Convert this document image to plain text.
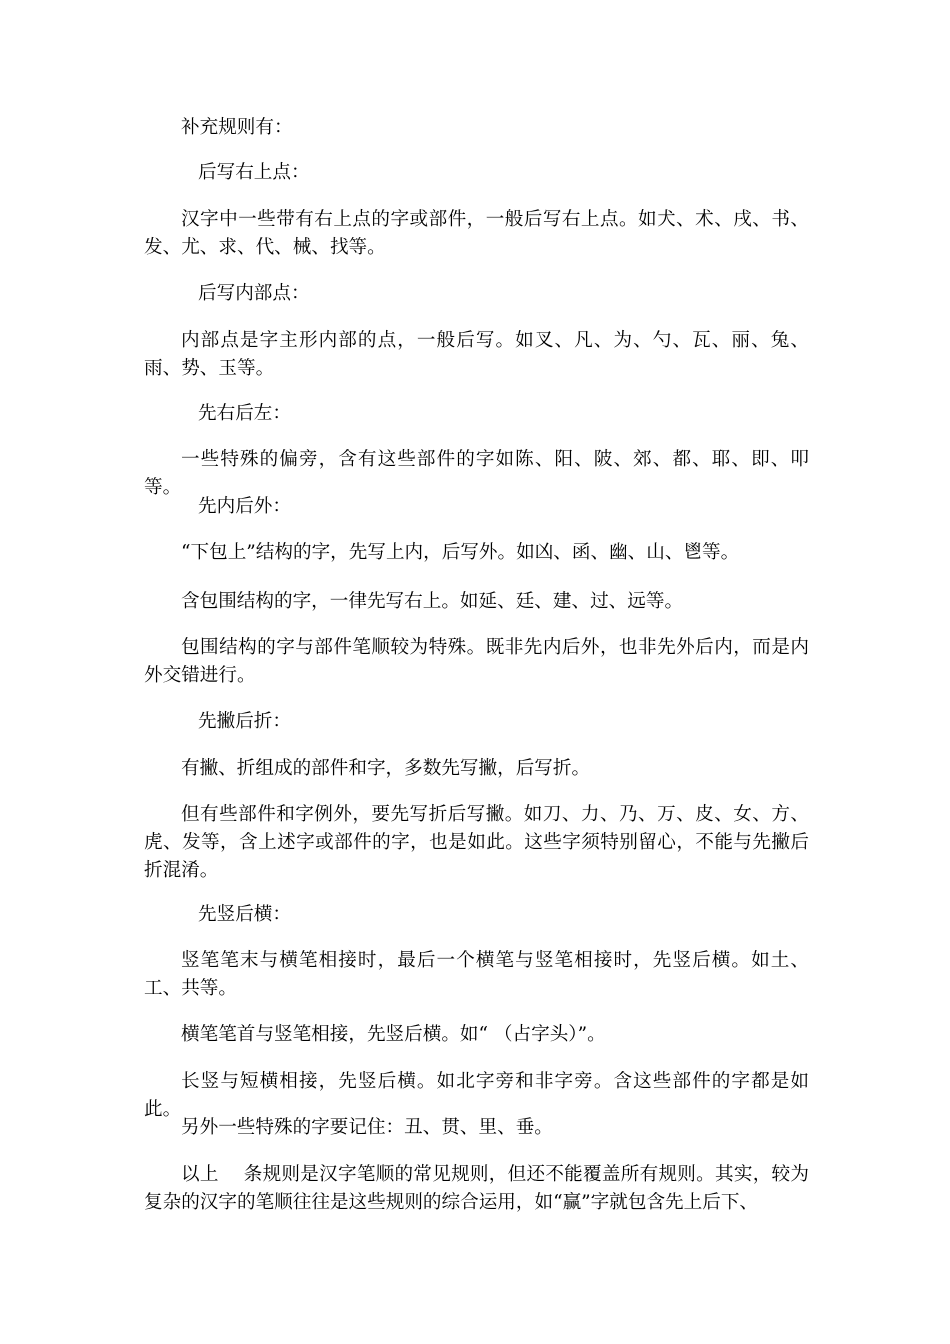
补充规则有：

后写右上点：

汉字中一些带有右上点的字或部件，一般后写右上点。如犬、术、戌、书、发、尤、求、代、械、找等。

后写内部点：

内部点是字主形内部的点，一般后写。如叉、凡、为、勺、瓦、丽、兔、雨、势、玉等。

先右后左：

一些特殊的偏旁，含有这些部件的字如陈、阳、陂、郊、都、耶、即、叩等。

先内后外：

“下包上”结构的字，先写上内，后写外。如凶、函、幽、山、鬯等。

含包围结构的字，一律先写右上。如延、廷、建、过、远等。

包围结构的字与部件笔顺较为特殊。既非先内后外，也非先外后内，而是内外交错进行。

先撇后折：

有撇、折组成的部件和字，多数先写撇，后写折。

但有些部件和字例外，要先写折后写撇。如刀、力、乃、万、皮、女、方、虎、发等，含上述字或部件的字，也是如此。这些字须特别留心，不能与先撇后折混淆。

先竖后横：

竖笔笔末与横笔相接时，最后一个横笔与竖笔相接时，先竖后横。如土、工、共等。

横笔笔首与竖笔相接，先竖后横。如“ （占字头）”。

长竖与短横相接，先竖后横。如北字旁和非字旁。含这些部件的字都是如此。

另外一些特殊的字要记住：丑、贯、里、垂。

以上　 条规则是汉字笔顺的常见规则，但还不能覆盖所有规则。其实，较为复杂的汉字的笔顺往往是这些规则的综合运用，如“赢”字就包含先上后下、
